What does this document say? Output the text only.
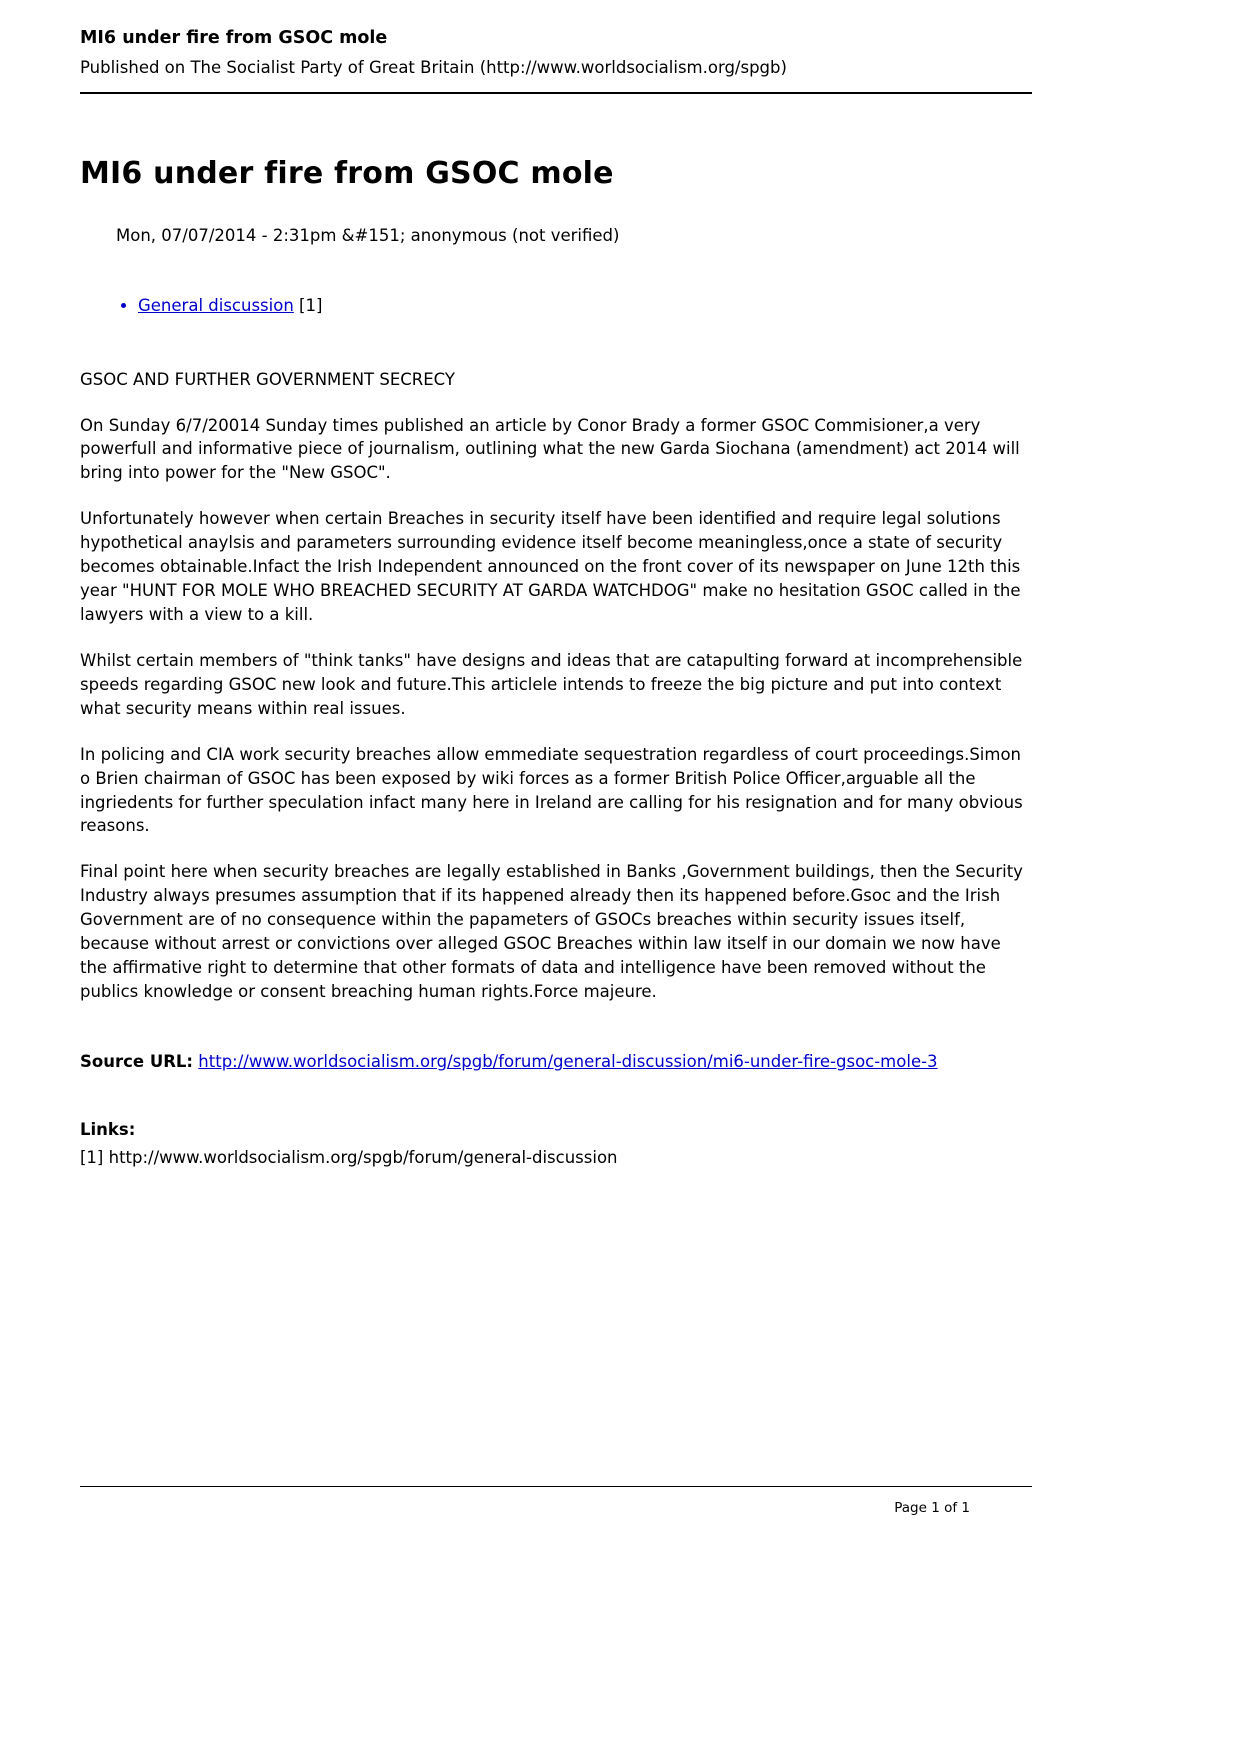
MI6 under fire from GSOC mole
Published on The Socialist Party of Great Britain (http://www.worldsocialism.org/spgb)
MI6 under fire from GSOC mole
Mon, 07/07/2014 - 2:31pm &#151; anonymous (not verified)
• General discussion [1]

GSOC AND FURTHER GOVERNMENT SECRECY

On Sunday 6/7/20014 Sunday times published an article by Conor Brady a former GSOC Commisioner,a very powerfull and informative piece of journalism, outlining what the new Garda Siochana (amendment) act 2014 will bring into power for the "New GSOC".

Unfortunately however when certain Breaches in security itself have been identified and require legal solutions hypothetical anaylsis and parameters surrounding evidence itself become meaningless,once a state of security becomes obtainable.Infact the Irish Independent announced on the front cover of its newspaper on June 12th this year "HUNT FOR MOLE WHO BREACHED SECURITY AT GARDA WATCHDOG" make no hesitation GSOC called in the lawyers with a view to a kill.

Whilst certain members of "think tanks" have designs and ideas that are catapulting forward at incomprehensible speeds regarding GSOC new look and future.This articlele intends to freeze the big picture and put into context what security means within real issues.

In policing and CIA work security breaches allow emmediate sequestration regardless of court proceedings.Simon o Brien chairman of GSOC has been exposed by wiki forces as a former British Police Officer,arguable all the ingriedents for further speculation infact many here in Ireland are calling for his resignation and for many obvious reasons.

Final point here when security breaches are legally established in Banks ,Government buildings, then the Security Industry always presumes assumption that if its happened already then its happened before.Gsoc and the Irish Government are of no consequence within the papameters of GSOCs breaches within security issues itself, because without arrest or convictions over alleged GSOC Breaches within law itself in our domain we now have the affirmative right to determine that other formats of data and intelligence have been removed without the publics knowledge or consent breaching human rights.Force majeure.

Source URL: http://www.worldsocialism.org/spgb/forum/general-discussion/mi6-under-fire-gsoc-mole-3

Links:

[1] http://www.worldsocialism.org/spgb/forum/general-discussion

Page 1 of 1
